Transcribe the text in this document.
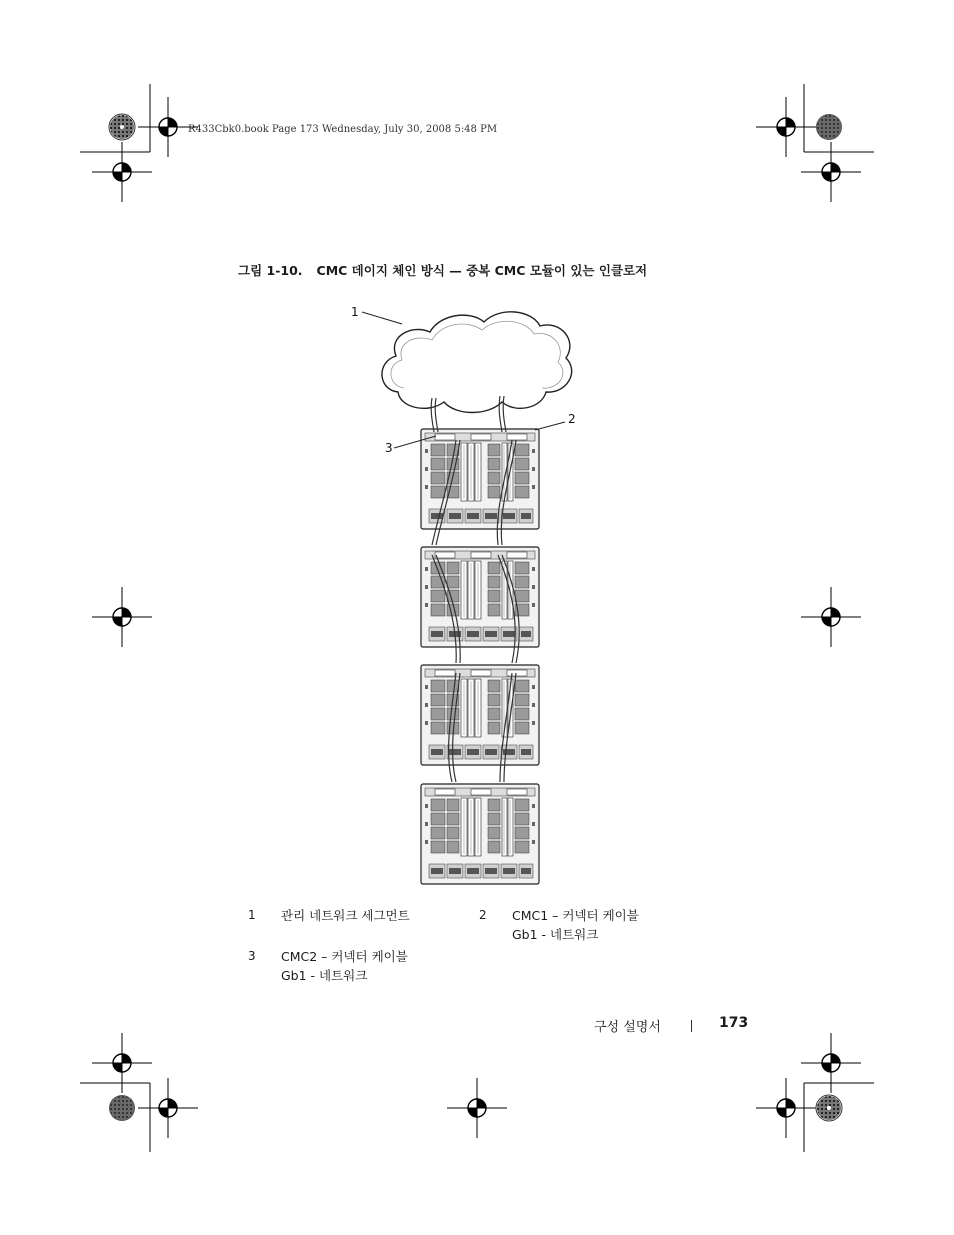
R433Cbk0.book Page 173 Wednesday, July 30, 2008 5:48 PM
그림 1-10. CMC 데이지 체인 방식 — 중복 CMC 모듈이 있는 인클로저
1
2
3
1 관리 네트워크 세그먼트	2 CMC1 – 커넥터 케이블
Gb1 - 네트워크
3 CMC2 – 커넥터 케이블
Gb1 - 네트워크
구성 설명서	173
